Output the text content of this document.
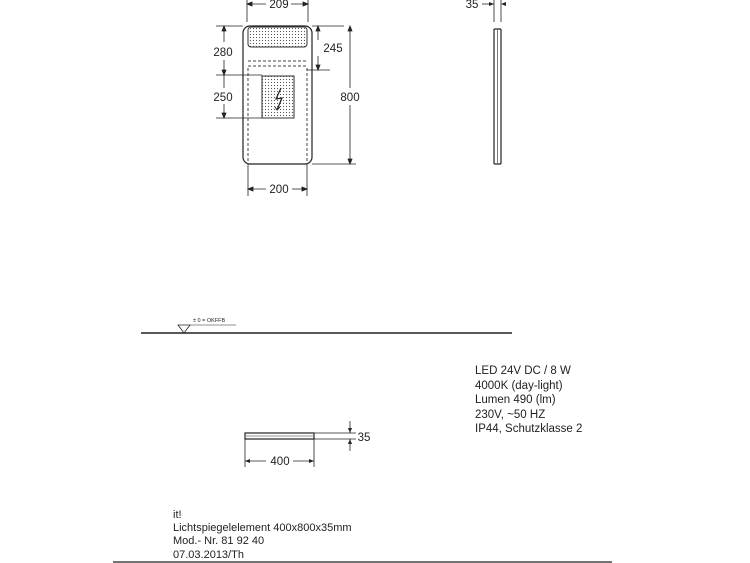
209
280
250
245
800
200
35
± 0 = OKFFB
35
400
LED 24V DC / 8 W
4000K (day-light)
Lumen 490 (lm)
230V, ~50 HZ
IP44, Schutzklasse 2
it!
Lichtspiegelelement 400x800x35mm
Mod.- Nr. 81 92 40
07.03.2013/Th
